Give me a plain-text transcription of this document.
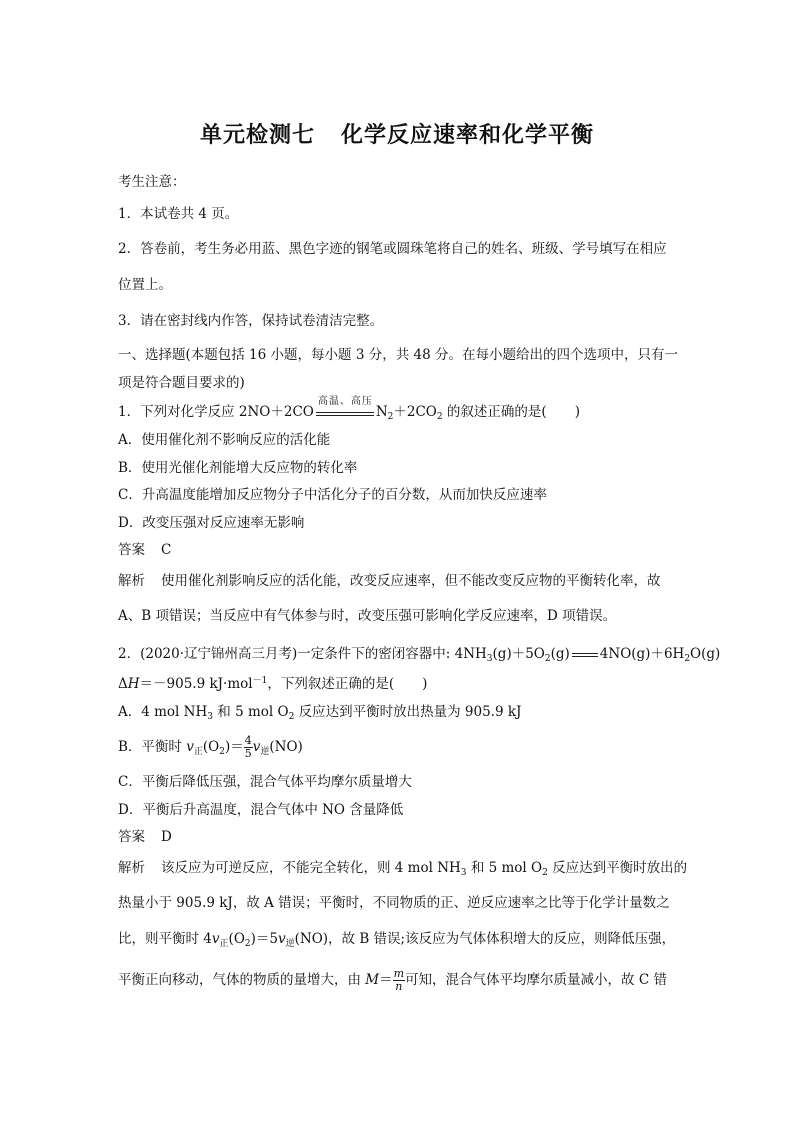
单元检测七 化学反应速率和化学平衡
考生注意：
1．本试卷共 4 页。
2．答卷前，考生务必用蓝、黑色字迹的钢笔或圆珠笔将自己的姓名、班级、学号填写在相应
位置上。
3．请在密封线内作答，保持试卷清洁完整。
一、选择题(本题包括 16 小题，每小题 3 分，共 48 分。在每小题给出的四个选项中，只有一
项是符合题目要求的)
1．下列对化学反应 2NO＋2CO
高温、高压
$N_2+2CO_2$ 的叙述正确的是( )
A．使用催化剂不影响反应的活化能
B．使用光催化剂能增大反应物的转化率
C．升高温度能增加反应物分子中活化分子的百分数，从而加快反应速率
D．改变压强对反应速率无影响
答案 C
解析 使用催化剂影响反应的活化能，改变反应速率，但不能改变反应物的平衡转化率，故
A、B 项错误；当反应中有气体参与时，改变压强可影响化学反应速率，D 项错误。
2．(2020·辽宁锦州高三月考)一定条件下的密闭容器中: $4NH_3(g)+5O_2(g)$ $4NO(g)+6H_2O(g)$
ΔH＝－905.9 kJ·mol$^{-1}$，下列叙述正确的是( )
A．4 mol $NH_3$ 和 5 mol $O_2$ 反应达到平衡时放出热量为 905.9 kJ
B．平衡时 $v_正(O_2)= \frac{4}{5} v_逆(NO)$
C．平衡后降低压强，混合气体平均摩尔质量增大
D．平衡后升高温度，混合气体中 NO 含量降低
答案 D
解析 该反应为可逆反应，不能完全转化，则 4 mol $NH_3$ 和 5 mol $O_2$ 反应达到平衡时放出的
热量小于 905.9 kJ，故 A 错误；平衡时，不同物质的正、逆反应速率之比等于化学计量数之
比，则平衡时 $4v_正(O_2)=5v_逆(NO)$，故 B 错误;该反应为气体体积增大的反应，则降低压强，
平衡正向移动，气体的物质的量增大，由 $M= \frac{m}{n}$ 可知，混合气体平均摩尔质量减小，故 C 错
